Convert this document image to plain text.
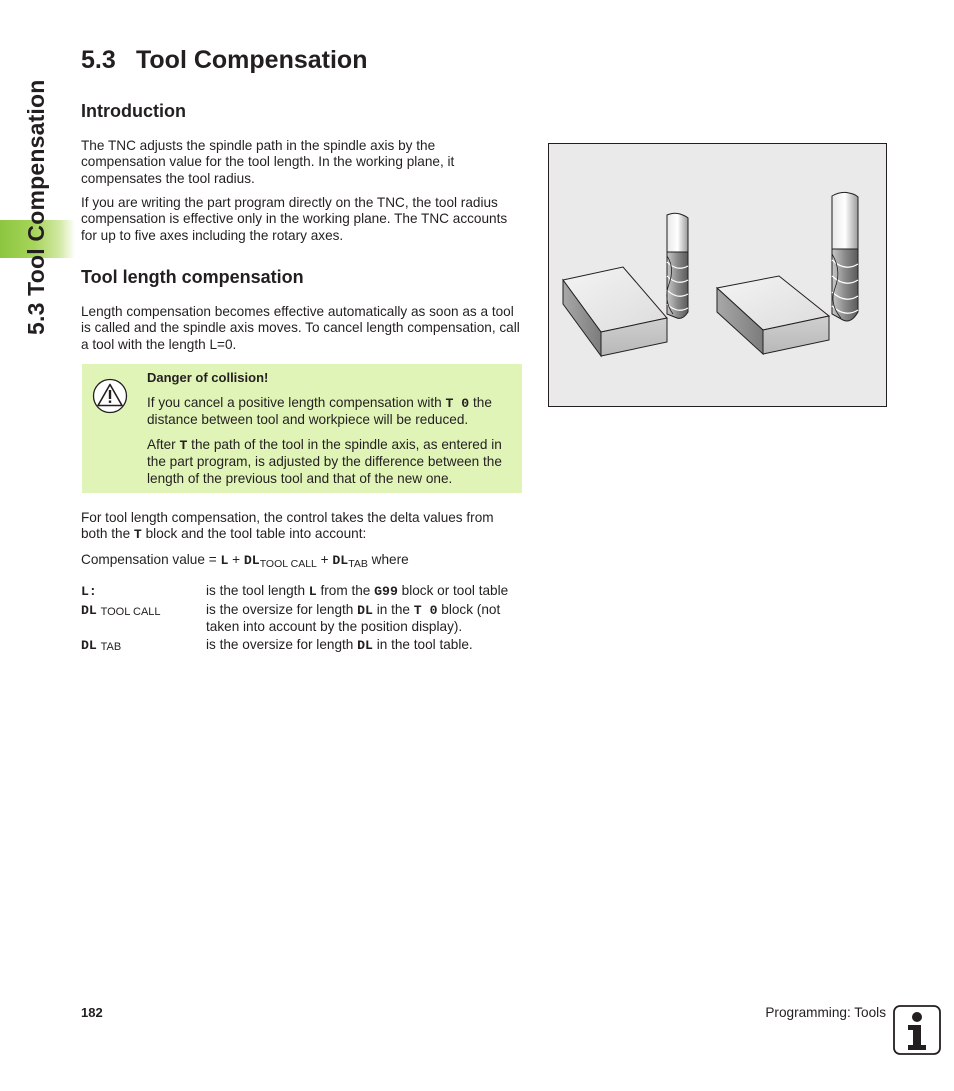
5.3 Tool Compensation
5.3 Tool Compensation
Introduction

The TNC adjusts the spindle path in the spindle axis by the compensation value for the tool length. In the working plane, it compensates the tool radius.

If you are writing the part program directly on the TNC, the tool radius compensation is effective only in the working plane. The TNC accounts for up to five axes including the rotary axes.

Tool length compensation

Length compensation becomes effective automatically as soon as a tool is called and the spindle axis moves. To cancel length compensation, call a tool with the length L=0.

Danger of collision!
If you cancel a positive length compensation with T 0 the distance between tool and workpiece will be reduced.
After T the path of the tool in the spindle axis, as entered in the part program, is adjusted by the difference between the length of the previous tool and that of the new one.

For tool length compensation, the control takes the delta values from both the T block and the tool table into account:

Compensation value = $L + DL_{TOOL CALL} + DL_{TAB}$ where

L:	is the tool length L from the G99 block or tool table
DL $_{TOOL CALL}$	is the oversize for length DL in the T 0 block (not taken into account by the position display).
DL $_{TAB}$	is the oversize for length DL in the tool table.
182	Programming: Tools
